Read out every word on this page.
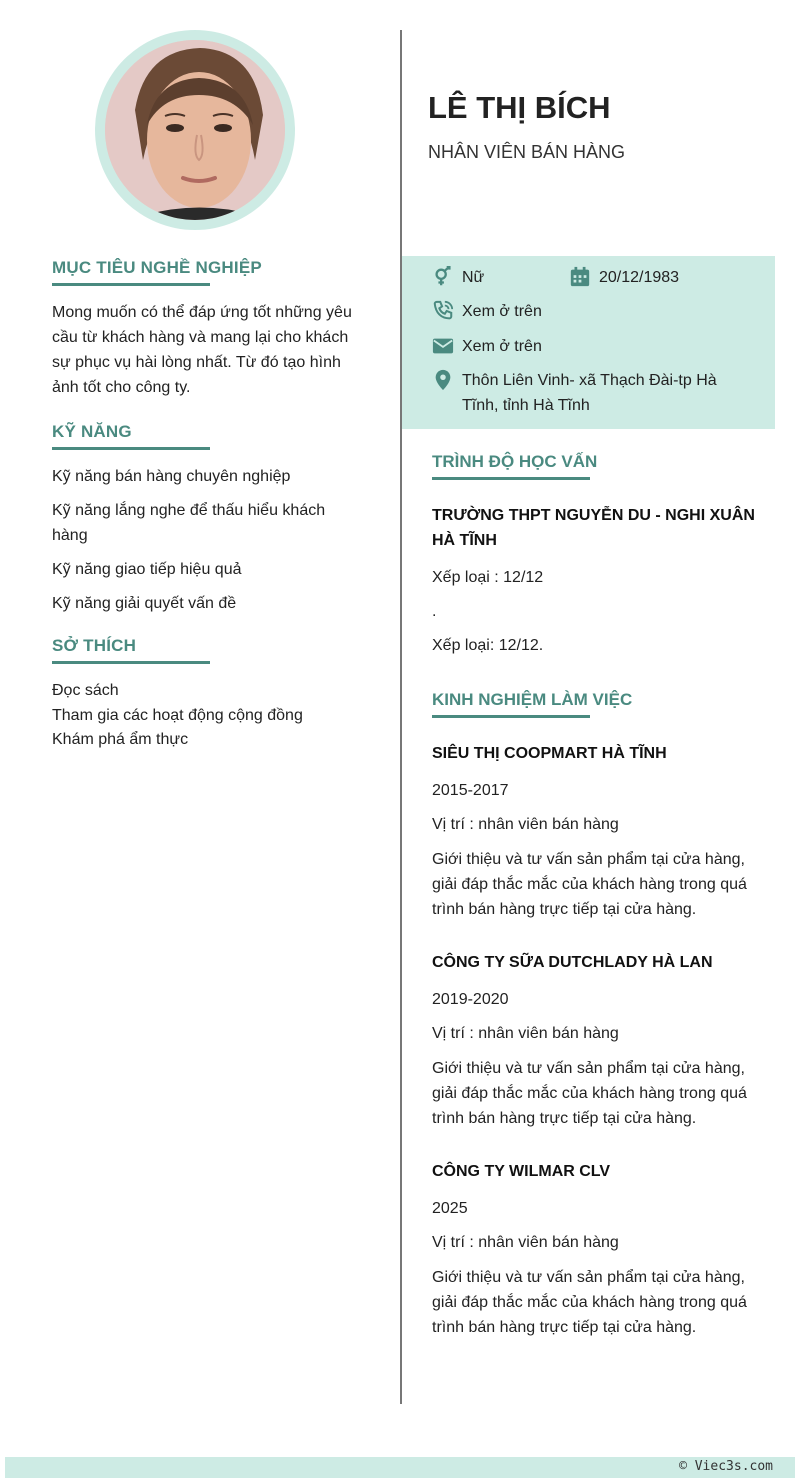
MỤC TIÊU NGHỀ NGHIỆP

Mong muốn có thể đáp ứng tốt những yêu cầu từ khách hàng và mang lại cho khách sự phục vụ hài lòng nhất. Từ đó tạo hình ảnh tốt cho công ty.

KỸ NĂNG

Kỹ năng bán hàng chuyên nghiệp

Kỹ năng lắng nghe để thấu hiểu khách hàng

Kỹ năng giao tiếp hiệu quả

Kỹ năng giải quyết vấn đề

SỞ THÍCH

Đọc sách

Tham gia các hoạt động cộng đồng

Khám phá ẩm thực

LÊ THỊ BÍCH

NHÂN VIÊN BÁN HÀNG

Nữ	20/12/1983
Xem ở trên
Xem ở trên
Thôn Liên Vinh- xã Thạch Đài-tp Hà Tĩnh, tỉnh Hà Tĩnh
TRÌNH ĐỘ HỌC VẤN

TRƯỜNG THPT NGUYỄN DU - NGHI XUÂN HÀ TĨNH

Xếp loại : 12/12

.

Xếp loại: 12/12.

KINH NGHIỆM LÀM VIỆC

SIÊU THỊ COOPMART HÀ TĨNH

2015-2017

Vị trí : nhân viên bán hàng

Giới thiệu và tư vấn sản phẩm tại cửa hàng, giải đáp thắc mắc của khách hàng trong quá trình bán hàng trực tiếp tại cửa hàng.

CÔNG TY SỮA DUTCHLADY HÀ LAN

2019-2020

Vị trí : nhân viên bán hàng

Giới thiệu và tư vấn sản phẩm tại cửa hàng, giải đáp thắc mắc của khách hàng trong quá trình bán hàng trực tiếp tại cửa hàng.

CÔNG TY WILMAR CLV

2025

Vị trí : nhân viên bán hàng

Giới thiệu và tư vấn sản phẩm tại cửa hàng, giải đáp thắc mắc của khách hàng trong quá trình bán hàng trực tiếp tại cửa hàng.

© Viec3s.com
